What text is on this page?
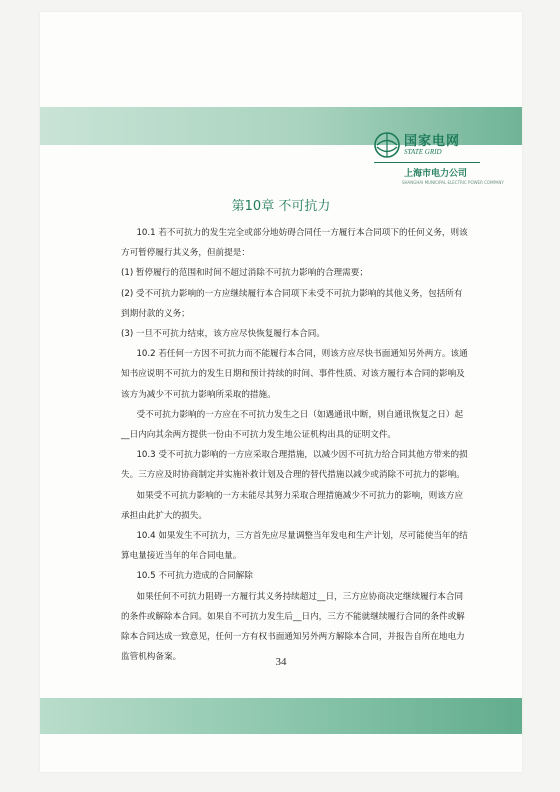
国家电网
STATE GRID
上海市电力公司
SHANGHAI MUNICIPAL ELECTRIC POWER COMPANY
第10章 不可抗力

10.1 若不可抗力的发生完全或部分地妨碍合同任一方履行本合同项下的任何义务，则该方可暂停履行其义务，但前提是：

(1) 暂停履行的范围和时间不超过消除不可抗力影响的合理需要；

(2) 受不可抗力影响的一方应继续履行本合同项下未受不可抗力影响的其他义务，包括所有到期付款的义务；

(3) 一旦不可抗力结束，该方应尽快恢复履行本合同。

10.2 若任何一方因不可抗力而不能履行本合同，则该方应尽快书面通知另外两方。该通知书应说明不可抗力的发生日期和预计持续的时间、事件性质、对该方履行本合同的影响及该方为减少不可抗力影响所采取的措施。

受不可抗力影响的一方应在不可抗力发生之日（如遇通讯中断，则自通讯恢复之日）起__日内向其余两方提供一份由不可抗力发生地公证机构出具的证明文件。

10.3 受不可抗力影响的一方应采取合理措施，以减少因不可抗力给合同其他方带来的损失。三方应及时协商制定并实施补救计划及合理的替代措施以减少或消除不可抗力的影响。

如果受不可抗力影响的一方未能尽其努力采取合理措施减少不可抗力的影响，则该方应承担由此扩大的损失。

10.4 如果发生不可抗力，三方首先应尽量调整当年发电和生产计划，尽可能使当年的结算电量接近当年的年合同电量。

10.5 不可抗力造成的合同解除

如果任何不可抗力阻碍一方履行其义务持续超过__日，三方应协商决定继续履行本合同的条件或解除本合同。如果自不可抗力发生后__日内，三方不能就继续履行合同的条件或解除本合同达成一致意见，任何一方有权书面通知另外两方解除本合同，并报告自所在地电力监管机构备案。	34
